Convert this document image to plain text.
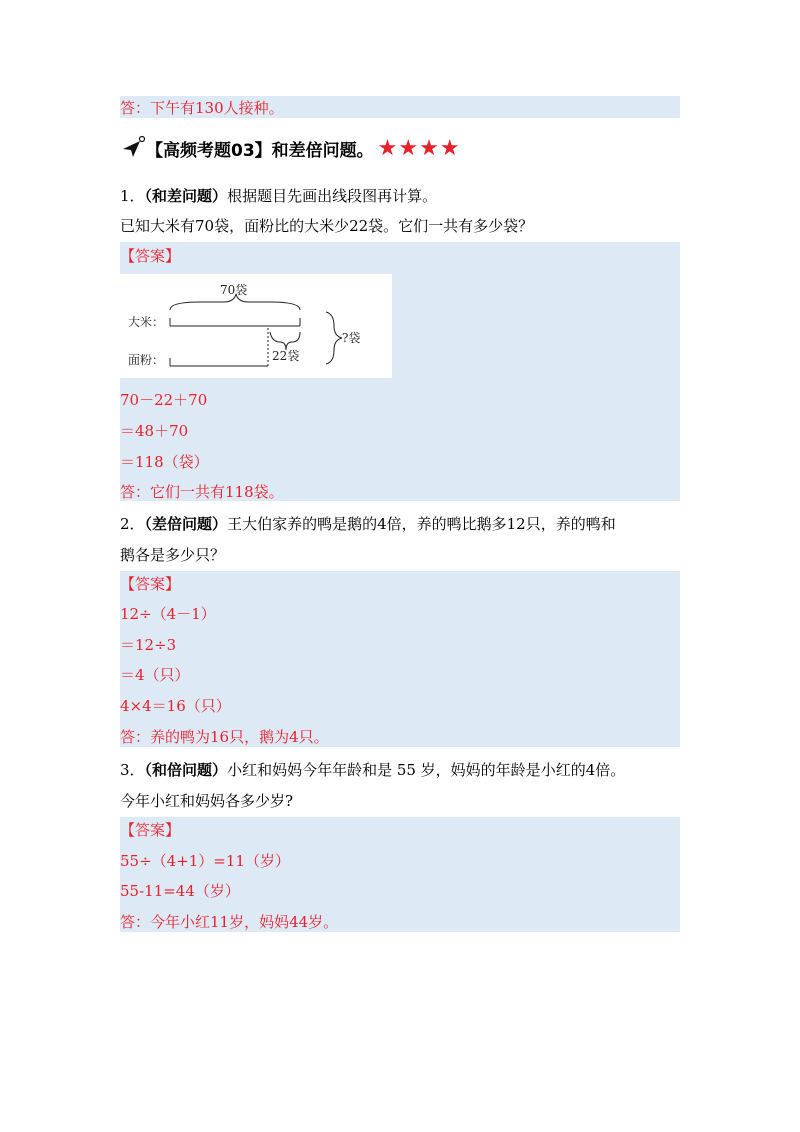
答：下午有130人接种。
【高频考题03】和差倍问题。 ★★★★
1．（和差问题）根据题目先画出线段图再计算。
已知大米有70袋，面粉比的大米少22袋。它们一共有多少袋？
【答案】
70袋
大米：
面粉：	22袋
?袋
70－22＋70
＝48＋70
＝118（袋）
答：它们一共有118袋。
2．（差倍问题）王大伯家养的鸭是鹅的4倍，养的鸭比鹅多12只，养的鸭和
鹅各是多少只？
【答案】
12÷（4－1）
＝12÷3
＝4（只）
4×4＝16（只）
答：养的鸭为16只，鹅为4只。
3．（和倍问题）小红和妈妈今年年龄和是 55 岁，妈妈的年龄是小红的4倍。
今年小红和妈妈各多少岁?
【答案】
55÷（4+1）=11（岁）
55-11=44（岁）
答：今年小红11岁，妈妈44岁。
